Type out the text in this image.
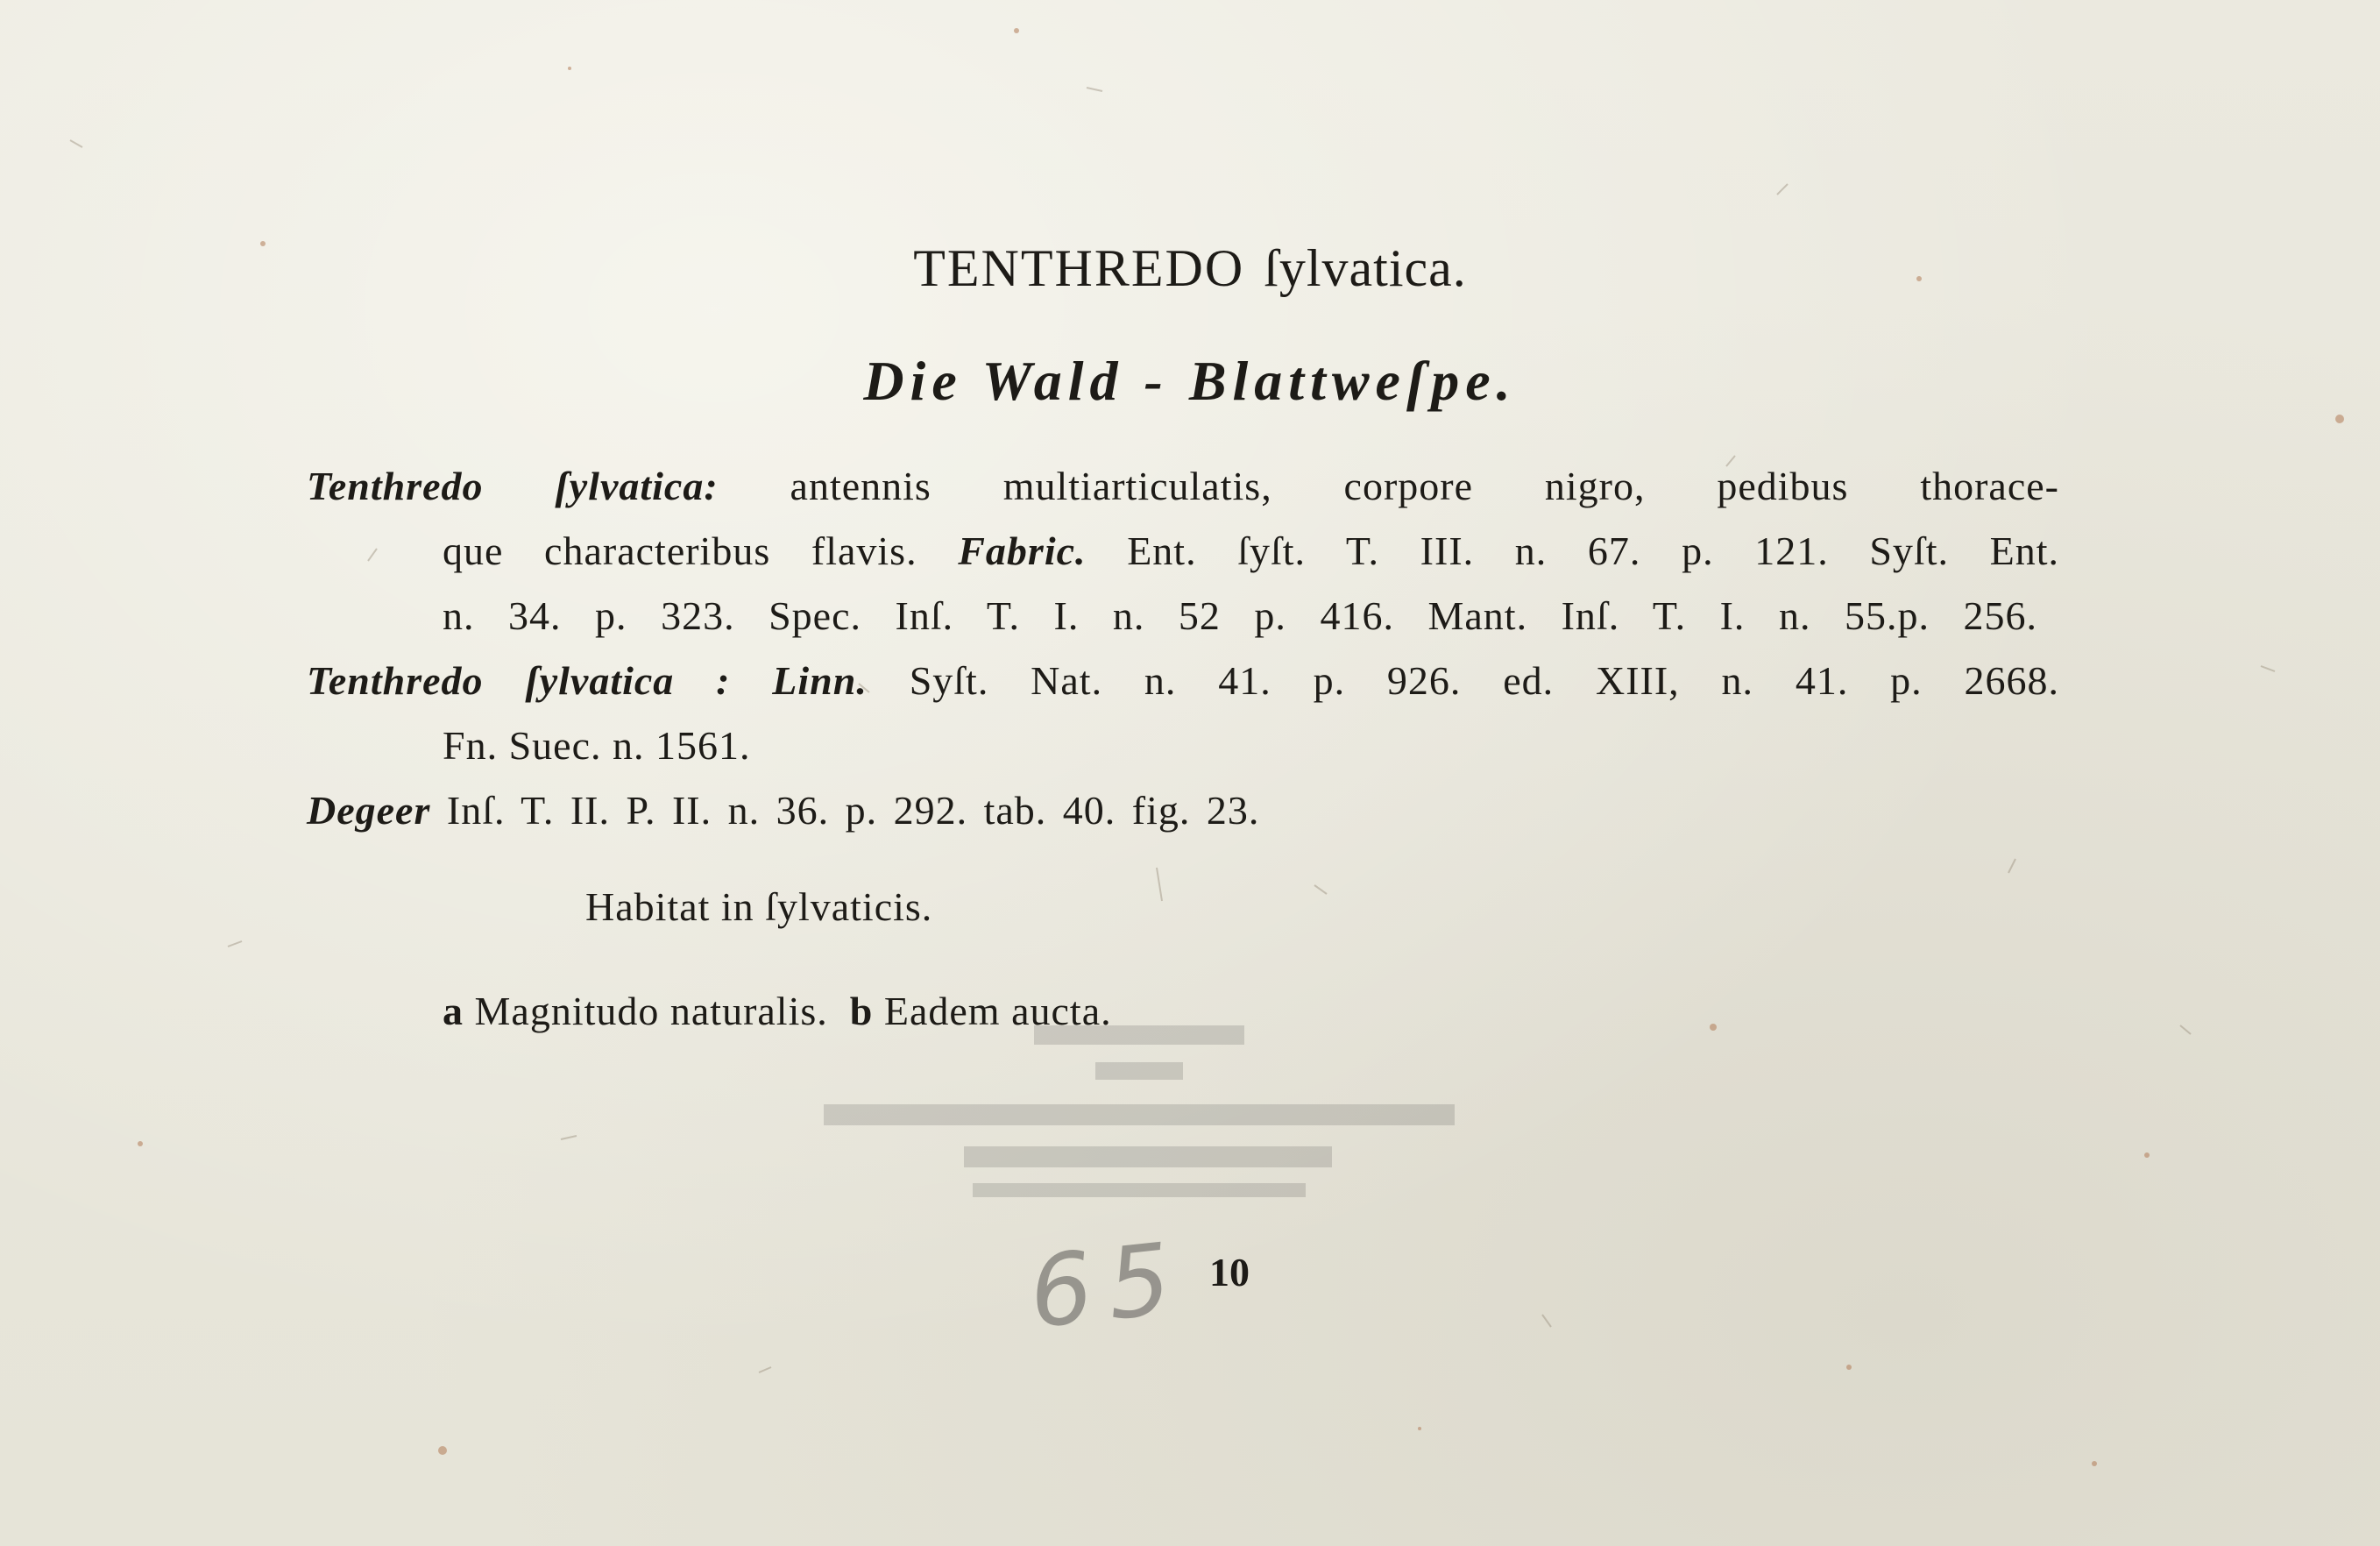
TENTHREDO ſylvatica.
Die Wald - Blattweſpe.
Tenthredo ſylvatica: antennis multiarticulatis, corpore nigro, pedibus thorace-
que characteribus flavis. Fabric. Ent. ſyſt. T. III. n. 67. p. 121. Syſt. Ent.
n. 34. p. 323. Spec. Inſ. T. I. n. 52 p. 416. Mant. Inſ. T. I. n. 55.p. 256.
Tenthredo ſylvatica : Linn. Syſt. Nat. n. 41. p. 926. ed. XIII, n. 41. p. 2668.
Fn. Suec. n. 1561.
Degeer Inſ. T. II. P. II. n. 36. p. 292. tab. 40. fig. 23.
Habitat in ſylvaticis.
a Magnitudo naturalis. b Eadem aucta.
65 10
